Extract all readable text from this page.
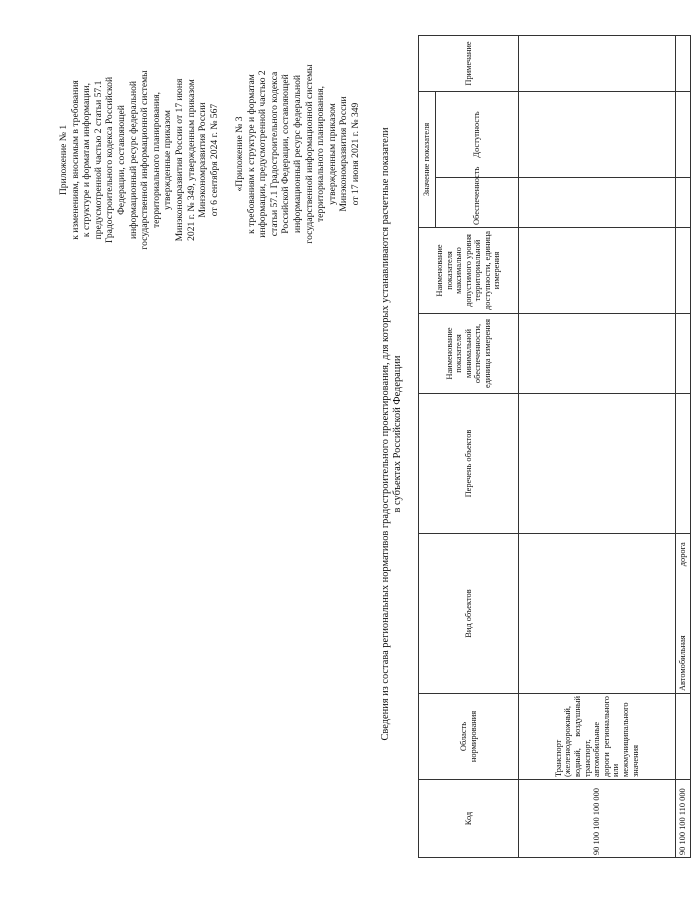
Приложение № 1 к изменениям, вносимым в требования к структуре и форматам информации, предусмотренной частью 2 статьи 57.1 Градостроительного кодекса Российской Федерации, составляющей информационный ресурс федеральной государственной информационной системы территориального планирования, утвержденные приказом Минэкономразвития России от 17 июня 2021 г. № 349, утвержденным приказом Минэкономразвития России от 6 сентября 2024 г. № 567 «Приложение № 3 к требованиям к структуре и форматам информации, предусмотренной частью 2 статьи 57.1 Градостроительного кодекса Российской Федерации, составляющей информационный ресурс федеральной государственной информационной системы территориального планирования, утвержденным приказом Минэкономразвития России от 17 июня 2021 г. № 349 Сведения из состава региональных нормативов градостроительного проектирования, для которых устанавливаются расчетные показатели в субъектах Российской Федерации
Код	Область нормирования	Вид объектов	Перечень объектов	Наименование показателя минимальной обеспеченности, единица измерения	Наименование показателя максимально допустимого уровня территориальной доступности, единица измерения	Значение показателя		Примечание
						Обеспеченность	Доступность	
90 100 100 100 000	Транспорт (железнодорожный, водный, воздушный транспорт, автомобильные дороги регионального или межмуниципального значения							
90 100 100 110 000		Автомобильнаядорога						
